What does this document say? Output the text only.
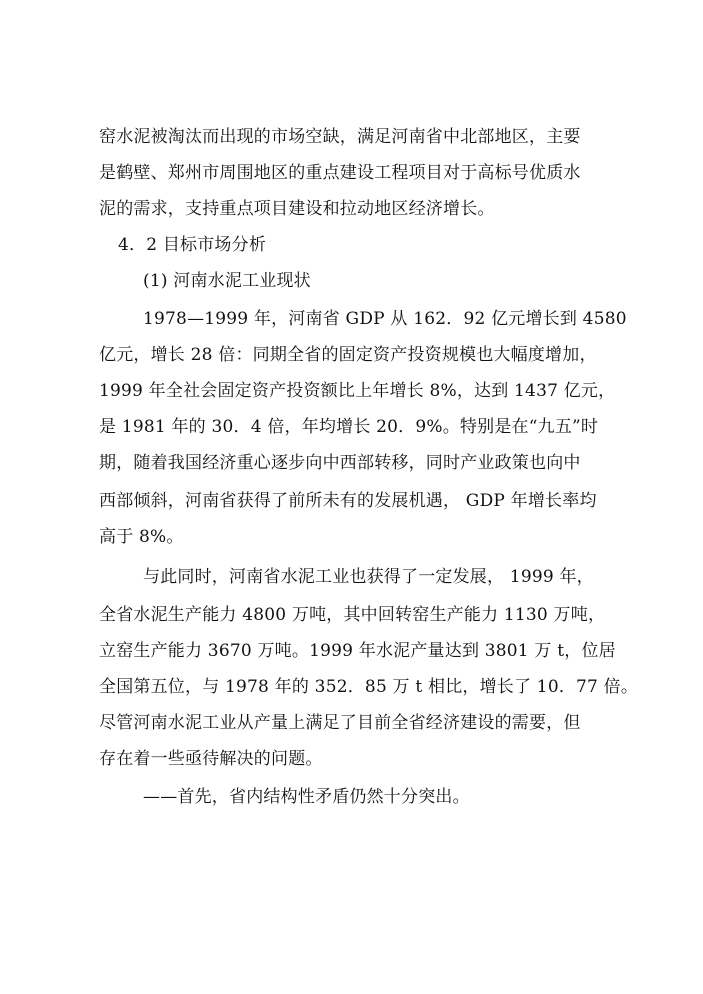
窑水泥被淘汰而出现的市场空缺，满足河南省中北部地区，主要
是鹤壁、郑州市周围地区的重点建设工程项目对于高标号优质水
泥的需求，支持重点项目建设和拉动地区经济增长。
4．2 目标市场分析
(1) 河南水泥工业现状
1978—1999 年，河南省 GDP 从 162．92 亿元增长到 4580
亿元，增长 28 倍：同期全省的固定资产投资规模也大幅度增加，
1999 年全社会固定资产投资额比上年增长 8%，达到 1437 亿元，
是 1981 年的 30．4 倍，年均增长 20．9%。特别是在“九五”时
期，随着我国经济重心逐步向中西部转移，同时产业政策也向中
西部倾斜，河南省获得了前所未有的发展机遇， GDP 年增长率均
高于 8%。
与此同时，河南省水泥工业也获得了一定发展， 1999 年，
全省水泥生产能力 4800 万吨，其中回转窑生产能力 1130 万吨，
立窑生产能力 3670 万吨。1999 年水泥产量达到 3801 万 t，位居
全国第五位，与 1978 年的 352．85 万 t 相比，增长了 10．77 倍。
尽管河南水泥工业从产量上满足了目前全省经济建设的需要，但
存在着一些亟待解决的问题。
——首先，省内结构性矛盾仍然十分突出。
